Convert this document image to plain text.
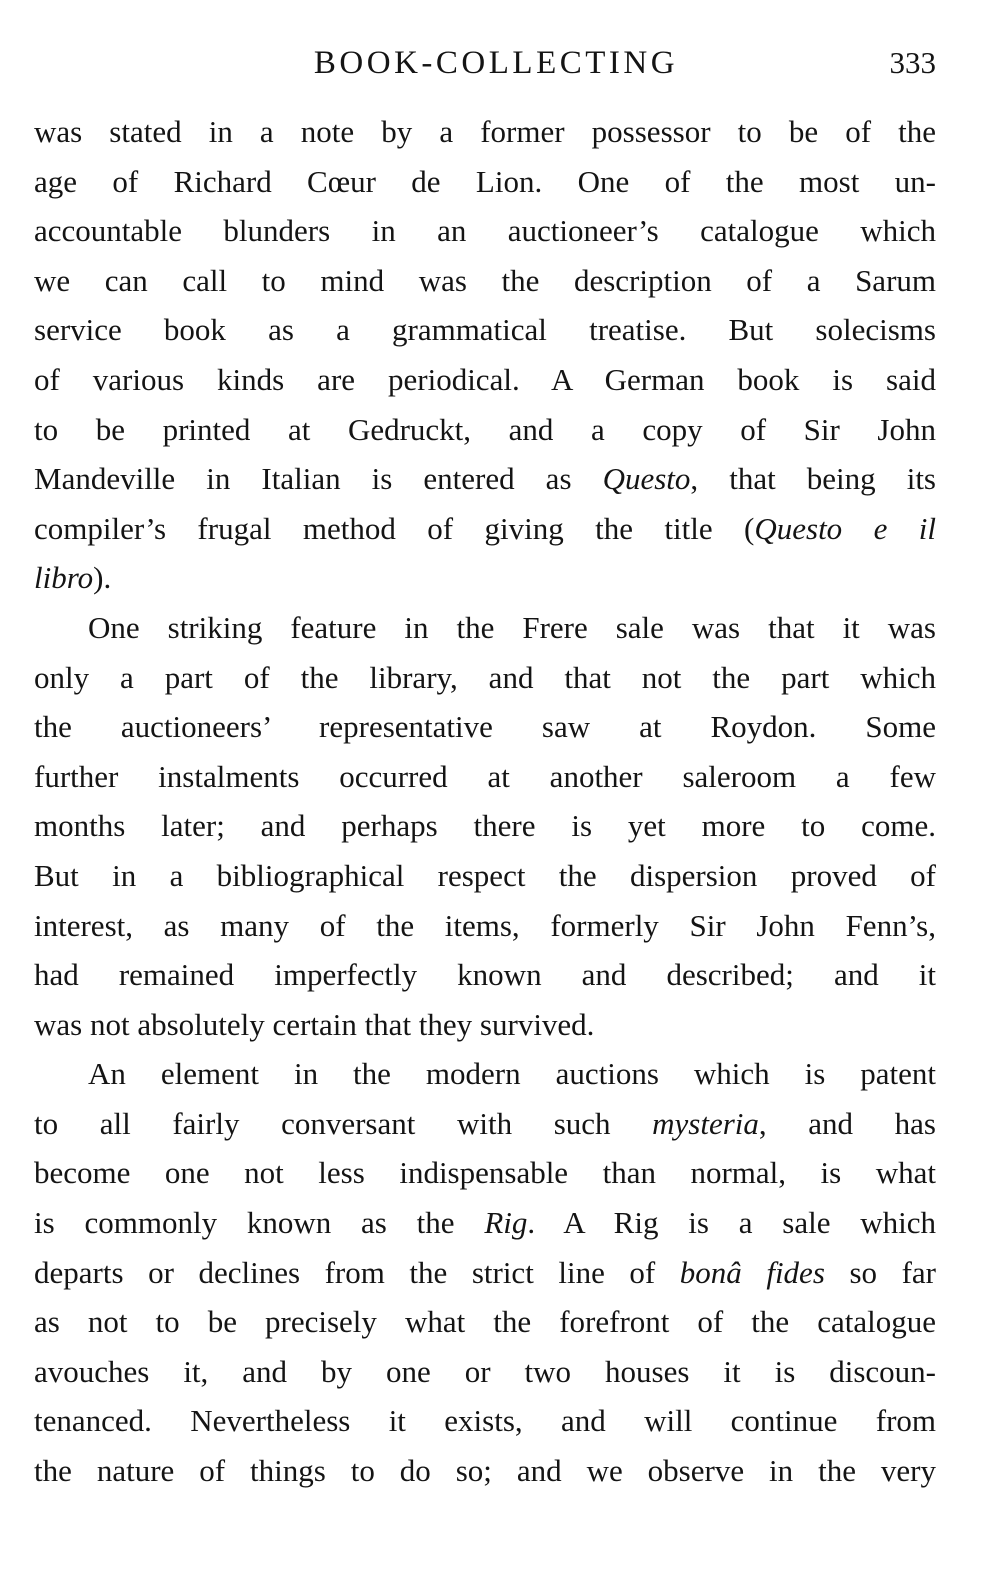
BOOK-COLLECTING	333
was stated in a note by a former possessor to be of the
age of Richard Cœur de Lion. One of the most un-
accountable blunders in an auctioneer’s catalogue which
we can call to mind was the description of a Sarum
service book as a grammatical treatise. But solecisms
of various kinds are periodical. A German book is said
to be printed at Gedruckt, and a copy of Sir John
Mandeville in Italian is entered as Questo, that being its
compiler’s frugal method of giving the title (Questo e il
libro).
One striking feature in the Frere sale was that it was
only a part of the library, and that not the part which
the auctioneers’ representative saw at Roydon. Some
further instalments occurred at another saleroom a few
months later; and perhaps there is yet more to come.
But in a bibliographical respect the dispersion proved of
interest, as many of the items, formerly Sir John Fenn’s,
had remained imperfectly known and described; and it
was not absolutely certain that they survived.
An element in the modern auctions which is patent
to all fairly conversant with such mysteria, and has
become one not less indispensable than normal, is what
is commonly known as the Rig. A Rig is a sale which
departs or declines from the strict line of bonâ fides so far
as not to be precisely what the forefront of the catalogue
avouches it, and by one or two houses it is discoun-
tenanced. Nevertheless it exists, and will continue from
the nature of things to do so; and we observe in the very
